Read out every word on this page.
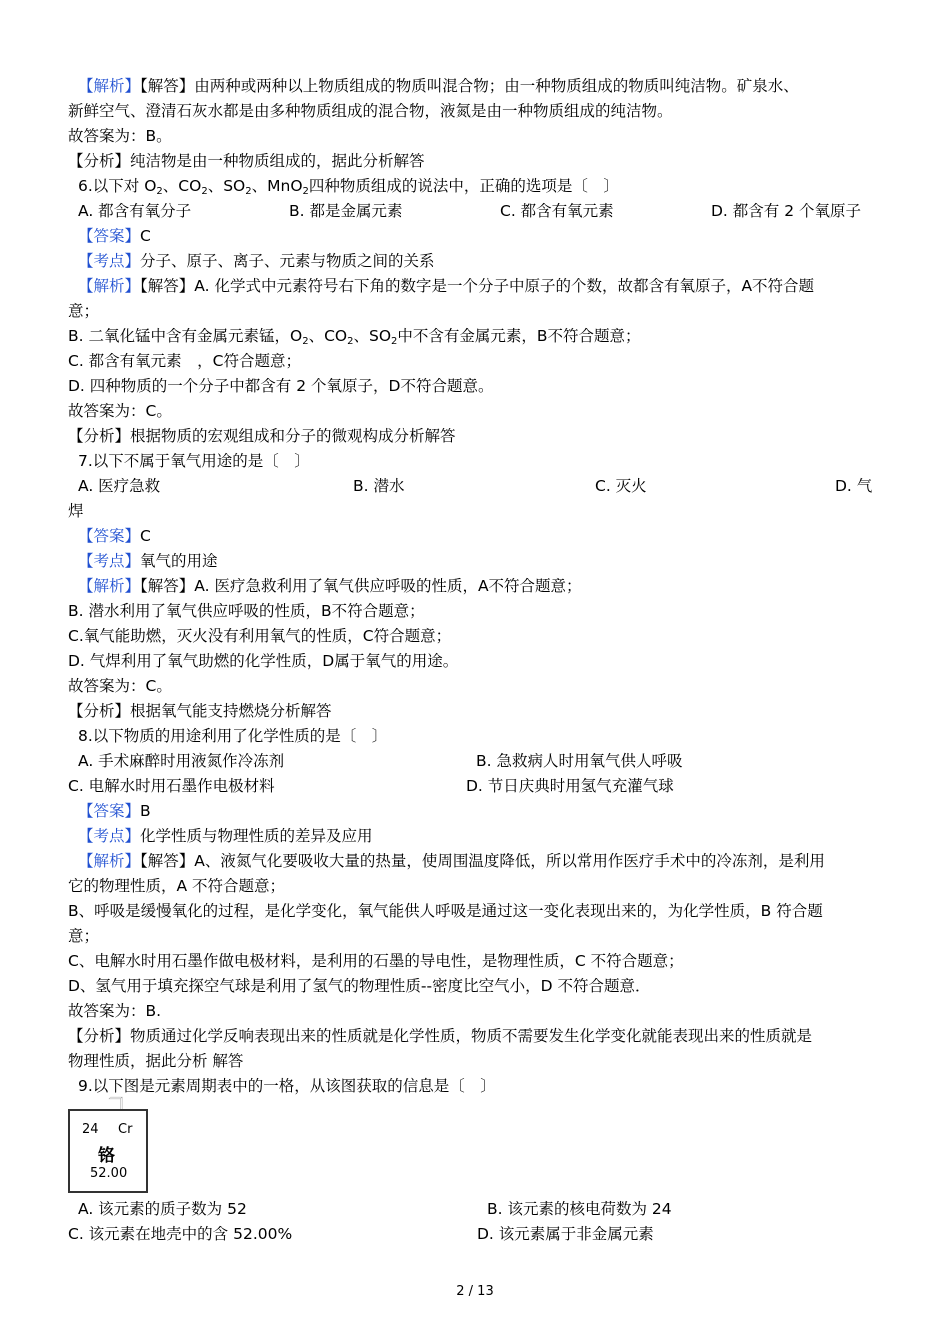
【解析】【解答】由两种或两种以上物质组成的物质叫混合物；由一种物质组成的物质叫纯洁物。矿泉水、
新鲜空气、澄清石灰水都是由多种物质组成的混合物，液氮是由一种物质组成的纯洁物。
故答案为：B。
【分析】纯洁物是由一种物质组成的，据此分析解答
6.以下对 $O_2$、$CO_2$、$SO_2$、MnO$_2$四种物质组成的说法中，正确的选项是〔　〕
A. 都含有氧分子	B. 都是金属元素	C. 都含有氧元素	D. 都含有 2 个氧原子
【答案】C
【考点】分子、原子、离子、元素与物质之间的关系
【解析】【解答】A. 化学式中元素符号右下角的数字是一个分子中原子的个数，故都含有氧原子，A不符合题
意；
B. 二氧化锰中含有金属元素锰，$O_2$、$CO_2$、$SO_2$中不含有金属元素，B不符合题意；
C. 都含有氧元素　，C符合题意；
D. 四种物质的一个分子中都含有 2 个氧原子，D不符合题意。
故答案为：C。
【分析】根据物质的宏观组成和分子的微观构成分析解答
7.以下不属于氧气用途的是〔　〕
A. 医疗急救	B. 潜水	C. 灭火	D. 气
焊
【答案】C
【考点】氧气的用途
【解析】【解答】A. 医疗急救利用了氧气供应呼吸的性质，A不符合题意；
B. 潜水利用了氧气供应呼吸的性质，B不符合题意；
C.氧气能助燃，灭火没有利用氧气的性质，C符合题意；
D. 气焊利用了氧气助燃的化学性质，D属于氧气的用途。
故答案为：C。
【分析】根据氧气能支持燃烧分析解答
8.以下物质的用途利用了化学性质的是〔　〕
A. 手术麻醉时用液氮作冷冻剂	B. 急救病人时用氧气供人呼吸
C. 电解水时用石墨作电极材料	D. 节日庆典时用氢气充灌气球
【答案】B
【考点】化学性质与物理性质的差异及应用
【解析】【解答】A、液氮气化要吸收大量的热量，使周围温度降低，所以常用作医疗手术中的冷冻剂，是利用
它的物理性质，A 不符合题意；
B、呼吸是缓慢氧化的过程，是化学变化，氧气能供人呼吸是通过这一变化表现出来的，为化学性质，B 符合题
意；
C、电解水时用石墨作做电极材料，是利用的石墨的导电性，是物理性质，C 不符合题意；
D、氢气用于填充探空气球是利用了氢气的物理性质--密度比空气小，D 不符合题意．
故答案为：B.
【分析】物质通过化学反响表现出来的性质就是化学性质，物质不需要发生化学变化就能表现出来的性质就是
物理性质，据此分析 解答
9.以下图是元素周期表中的一格，从该图获取的信息是〔　〕
24 Cr
铬
52.00
A. 该元素的质子数为 52	B. 该元素的核电荷数为 24
C. 该元素在地壳中的含 52.00%	D. 该元素属于非金属元素
2 / 13
